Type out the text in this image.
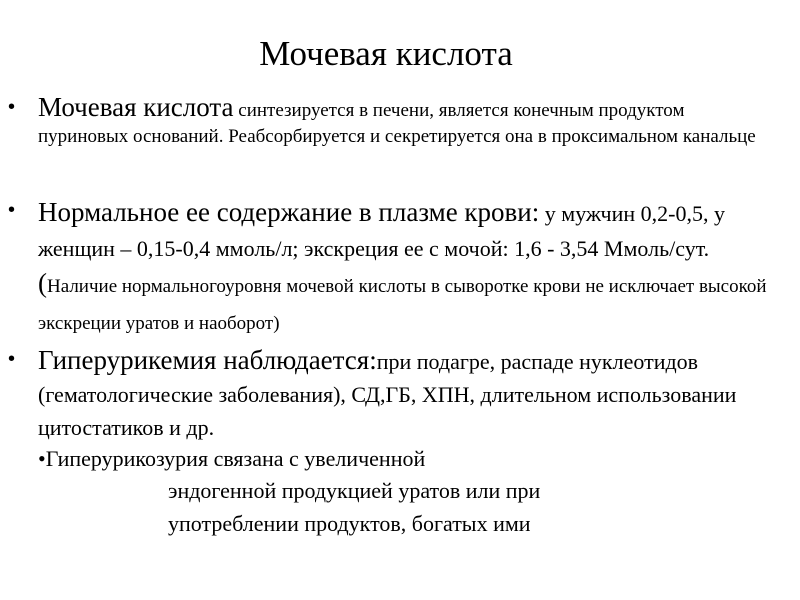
Мочевая кислота
• Мочевая кислота синтезируется в печени, является конечным продуктом пуриновых оснований. Реабсорбируется и секретируется она в проксимальном канальце
• Нормальное ее содержание в плазме крови: у мужчин 0,2-0,5, у женщин – 0,15-0,4 ммоль/л; экскреция ее с мочой: 1,6 - 3,54 Ммоль/сут. (Наличие нормальногоуровня мочевой кислоты в сыворотке крови не исключает высокой экскреции уратов и наоборот)
• Гиперурикемия наблюдается:при подагре, распаде нуклеотидов (гематологические заболевания), СД,ГБ, ХПН, длительном использовании цитостатиков и др.
•Гиперурикозурия связана с увеличенной
эндогенной продукцией уратов или при
употреблении продуктов, богатых ими
